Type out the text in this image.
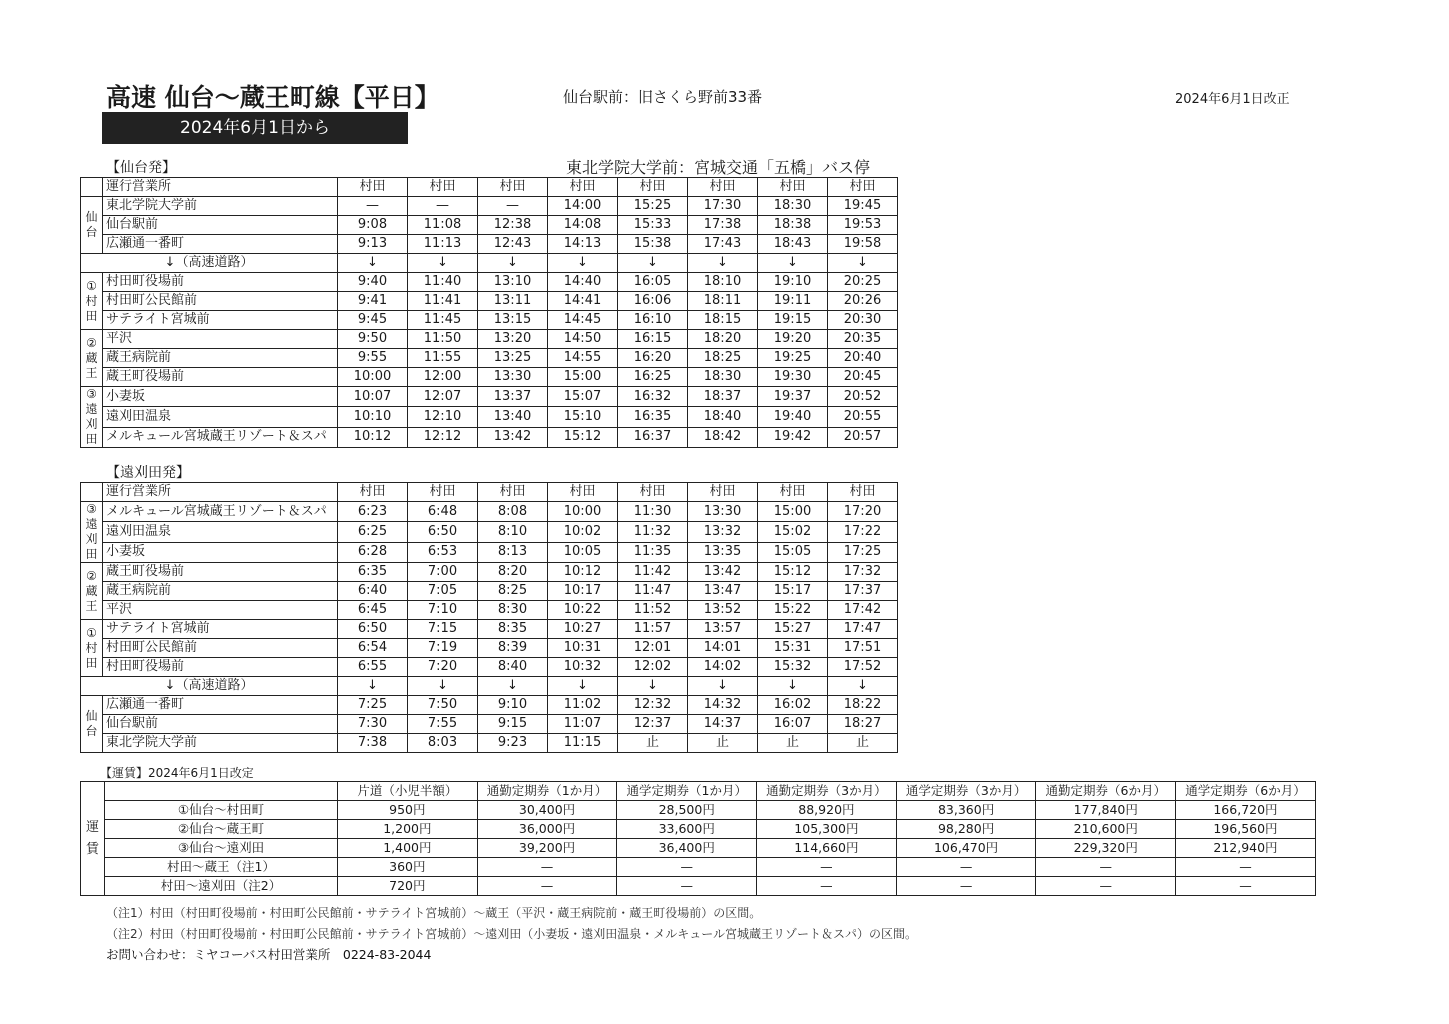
高速 仙台～蔵王町線【平日】	仙台駅前：旧さくら野前33番	2024年6月1日改正
2024年6月1日から
【仙台発】	東北学院大学前：宮城交通「五橋」バス停
	運行営業所	村田	村田	村田	村田	村田	村田	村田	村田
仙台	東北学院大学前	—	—	—	14:00	15:25	17:30	18:30	19:45
	仙台駅前	9:08	11:08	12:38	14:08	15:33	17:38	18:38	19:53
	広瀬通一番町	9:13	11:13	12:43	14:13	15:38	17:43	18:43	19:58
↓（高速道路）		↓	↓	↓	↓	↓	↓	↓	↓
①村田	村田町役場前	9:40	11:40	13:10	14:40	16:05	18:10	19:10	20:25
	村田町公民館前	9:41	11:41	13:11	14:41	16:06	18:11	19:11	20:26
	サテライト宮城前	9:45	11:45	13:15	14:45	16:10	18:15	19:15	20:30
②蔵王	平沢	9:50	11:50	13:20	14:50	16:15	18:20	19:20	20:35
	蔵王病院前	9:55	11:55	13:25	14:55	16:20	18:25	19:25	20:40
	蔵王町役場前	10:00	12:00	13:30	15:00	16:25	18:30	19:30	20:45
③遠刈田	小妻坂	10:07	12:07	13:37	15:07	16:32	18:37	19:37	20:52
	遠刈田温泉	10:10	12:10	13:40	15:10	16:35	18:40	19:40	20:55
	メルキュール宮城蔵王リゾート＆スパ	10:12	12:12	13:42	15:12	16:37	18:42	19:42	20:57
【遠刈田発】
	運行営業所	村田	村田	村田	村田	村田	村田	村田	村田
③遠刈田	メルキュール宮城蔵王リゾート＆スパ	6:23	6:48	8:08	10:00	11:30	13:30	15:00	17:20
	遠刈田温泉	6:25	6:50	8:10	10:02	11:32	13:32	15:02	17:22
	小妻坂	6:28	6:53	8:13	10:05	11:35	13:35	15:05	17:25
②蔵王	蔵王町役場前	6:35	7:00	8:20	10:12	11:42	13:42	15:12	17:32
	蔵王病院前	6:40	7:05	8:25	10:17	11:47	13:47	15:17	17:37
	平沢	6:45	7:10	8:30	10:22	11:52	13:52	15:22	17:42
①村田	サテライト宮城前	6:50	7:15	8:35	10:27	11:57	13:57	15:27	17:47
	村田町公民館前	6:54	7:19	8:39	10:31	12:01	14:01	15:31	17:51
	村田町役場前	6:55	7:20	8:40	10:32	12:02	14:02	15:32	17:52
↓（高速道路）		↓	↓	↓	↓	↓	↓	↓	↓
仙台	広瀬通一番町	7:25	7:50	9:10	11:02	12:32	14:32	16:02	18:22
	仙台駅前	7:30	7:55	9:15	11:07	12:37	14:37	16:07	18:27
	東北学院大学前	7:38	8:03	9:23	11:15	止	止	止	止
【運賃】2024年6月1日改定
運賃		片道（小児半額）	通勤定期券（1か月）	通学定期券（1か月）	通勤定期券（3か月）	通学定期券（3か月）	通勤定期券（6か月）	通学定期券（6か月）
	①仙台～村田町	950円	30,400円	28,500円	88,920円	83,360円	177,840円	166,720円
	②仙台～蔵王町	1,200円	36,000円	33,600円	105,300円	98,280円	210,600円	196,560円
	③仙台～遠刈田	1,400円	39,200円	36,400円	114,660円	106,470円	229,320円	212,940円
	村田～蔵王（注1）	360円	—	—	—	—	—	—
	村田～遠刈田（注2）	720円	—	—	—	—	—	—
（注1）村田（村田町役場前・村田町公民館前・サテライト宮城前）～蔵王（平沢・蔵王病院前・蔵王町役場前）の区間。
（注2）村田（村田町役場前・村田町公民館前・サテライト宮城前）～遠刈田（小妻坂・遠刈田温泉・メルキュール宮城蔵王リゾート＆スパ）の区間。
お問い合わせ：ミヤコーバス村田営業所　0224-83-2044
